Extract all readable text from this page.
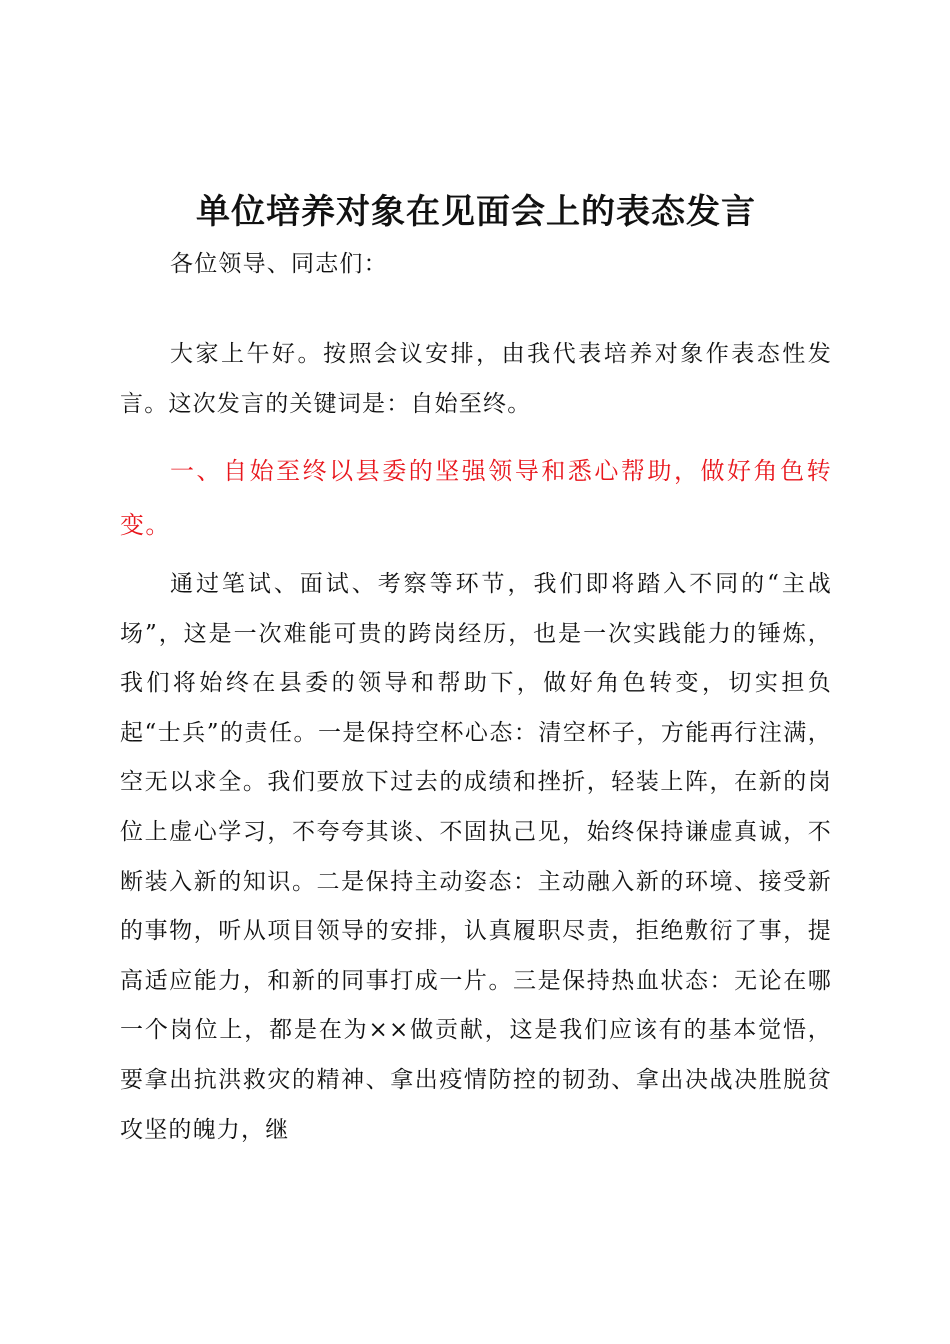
单位培养对象在见面会上的表态发言
各位领导、同志们：
大家上午好。按照会议安排，由我代表培养对象作表态性发言。这次发言的关键词是：自始至终。
一、自始至终以县委的坚强领导和悉心帮助，做好角色转变。
通过笔试、面试、考察等环节，我们即将踏入不同的“主战场”，这是一次难能可贵的跨岗经历，也是一次实践能力的锤炼，我们将始终在县委的领导和帮助下，做好角色转变，切实担负起“士兵”的责任。一是保持空杯心态：清空杯子，方能再行注满，空无以求全。我们要放下过去的成绩和挫折，轻装上阵，在新的岗位上虚心学习，不夸夸其谈、不固执己见，始终保持谦虚真诚，不断装入新的知识。二是保持主动姿态：主动融入新的环境、接受新的事物，听从项目领导的安排，认真履职尽责，拒绝敷衍了事，提高适应能力，和新的同事打成一片。三是保持热血状态：无论在哪一个岗位上，都是在为××做贡献，这是我们应该有的基本觉悟，要拿出抗洪救灾的精神、拿出疫情防控的韧劲、拿出决战决胜脱贫攻坚的魄力，继
